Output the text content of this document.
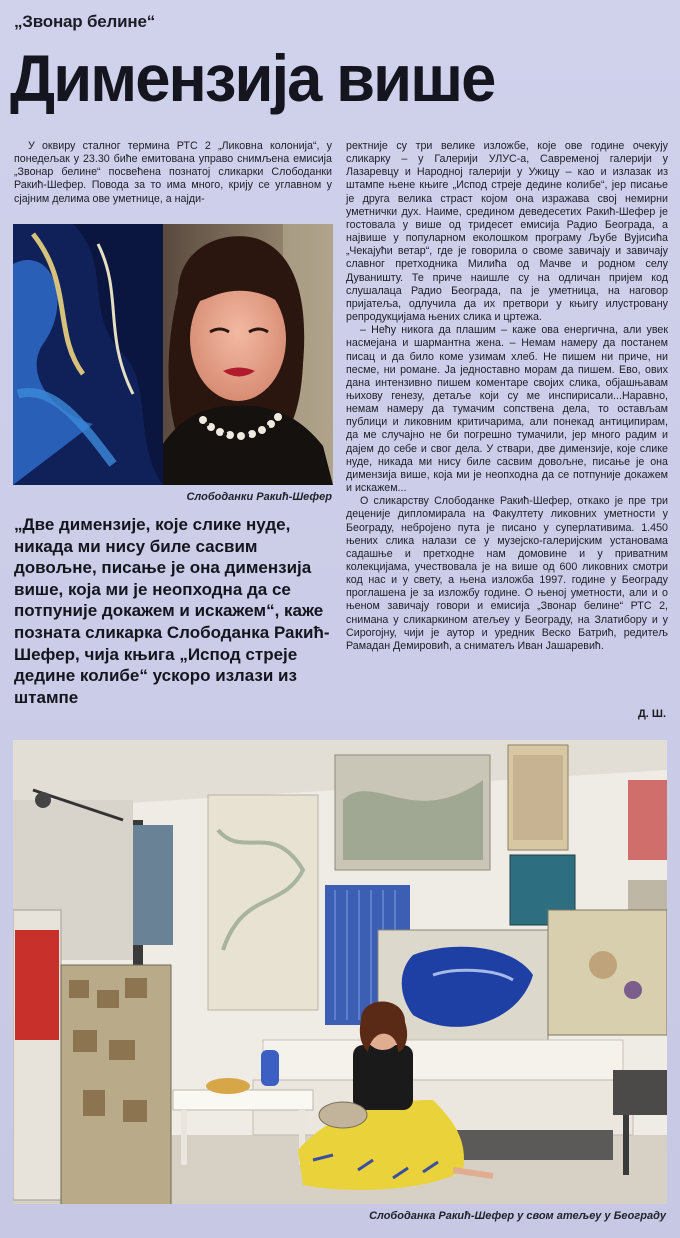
„Звонар белине“
Димензија више

У оквиру сталног термина РТС 2 „Ликовна колонија“, у понедељак у 23.30 биће емитована управо снимљена емисија „Звонар белине“ посвећена познатој сликарки Слободанки Ракић-Шефер. Повода за то има много, крију се углавном у сјајним делима ове уметнице, а најди-

Слободанки Ракић-Шефер
„Две димензије, које слике нуде, никада ми нису биле сасвим довољне, писање је она димензија више, која ми је неопходна да се потпуније докажем и искажем“, каже позната сликарка Слободанка Ракић-Шефер, чија књига „Испод стреје дедине колибе“ ускоро излази из штампе

ректније су три велике изложбе, које ове године очекују сликарку – у Галерији УЛУС-а, Савременој галерији у Лазаревцу и Народној галерији у Ужицу – као и излазак из штампе њене књиге „Испод стреје дедине колибе“, јер писање је друга велика страст којом она изражава свој немирни уметнички дух. Наиме, средином деведесетих Ракић-Шефер је гостовала у више од тридесет емисија Радио Београда, а највише у популарном еколошком програму Љубе Вујисића „Чекајући ветар“, где је говорила о своме завичају и завичају славног претходника Милића од Мачве и родном селу Дуваништу. Те приче наишле су на одличан пријем код слушалаца Радио Београда, па је уметница, на наговор пријатеља, одлучила да их претвори у књигу илустровану репродукцијама њених слика и цртежа.

– Нећу никога да плашим – каже ова енергична, али увек насмејана и шармантна жена. – Немам намеру да постанем писац и да било коме узимам хлеб. Не пишем ни приче, ни песме, ни романе. Ја једноставно морам да пишем. Ево, ових дана интензивно пишем коментаре својих слика, објашњавам њихову генезу, детаље који су ме инспирисали...Наравно, немам намеру да тумачим сопствена дела, то остављам публици и ликовним критичарима, али понекад антиципирам, да ме случајно не би погрешно тумачили, јер много радим и дајем до себе и свог дела. У ствари, две димензије, које слике нуде, никада ми нису биле сасвим довољне, писање је она димензија више, која ми је неопходна да се потпуније докажем и искажем...

О сликарству Слободанке Ракић-Шефер, откако је пре три деценије дипломирала на Факултету ликовних уметности у Београду, небројено пута је писано у суперлативима. 1.450 њених слика налази се у музејско-галеријским установама садашње и претходне нам домовине и у приватним колекцијама, учествовала је на више од 600 ликовних смотри код нас и у свету, а њена изложба 1997. године у Београду проглашена је за изложбу године. О њеној уметности, али и о њеном завичају говори и емисија „Звонар белине“ РТС 2, снимана у сликаркином атељеу у Београду, на Златибору и у Сирогојну, чији је аутор и уредник Веско Батрић, редитељ Рамадан Демировић, а сниматељ Иван Јашаревић.

Д. Ш.
Слободанка Ракић-Шефер у свом атељеу у Београду
